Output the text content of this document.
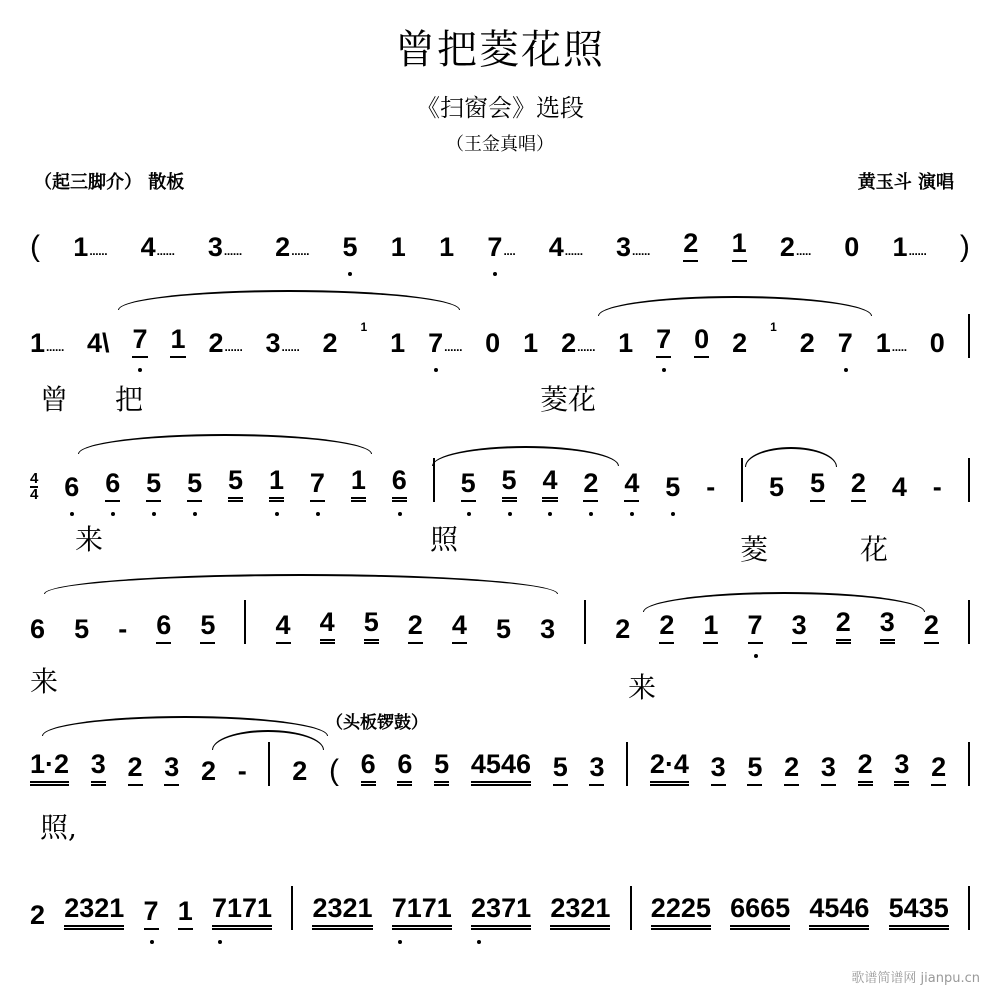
曾把菱花照
《扫窗会》选段
（王金真唱）
（起三脚介） 散板	黄玉斗 演唱
（头板锣鼓）
歌谱简谱网 jianpu.cn
( 1 ······ 4 ······ 3 ······ 2 ······ 5 1 1 7 ···· 4 ······ 3 ······ 2 1 2 ····· 0 1 ······ )
1 ······ 4\ 7 1 2 ······ 3 ······ 2
1
1 7 ······ 0 1 2 ······ 1 7 0 2
1
2 7 1 ····· 0
曾 把	菱花
4
4 6 6 5 5 5 1 7 1 6 5 5 4 2 4 5 - 5 5 2 4 -
来	照	菱	花
6 5 - 6 5 4 4 5 2 4 5 3 2 2 1 7 3 2 3 2
来	来
1·2 3 2 3 2 - 2 ( 6 6 5 4546 5 3 2·4 3 5 2 3 2 3 2
照,
2 2321 7 1 7171 2321 7171 2371 2321 2225 6665 4546 5435
